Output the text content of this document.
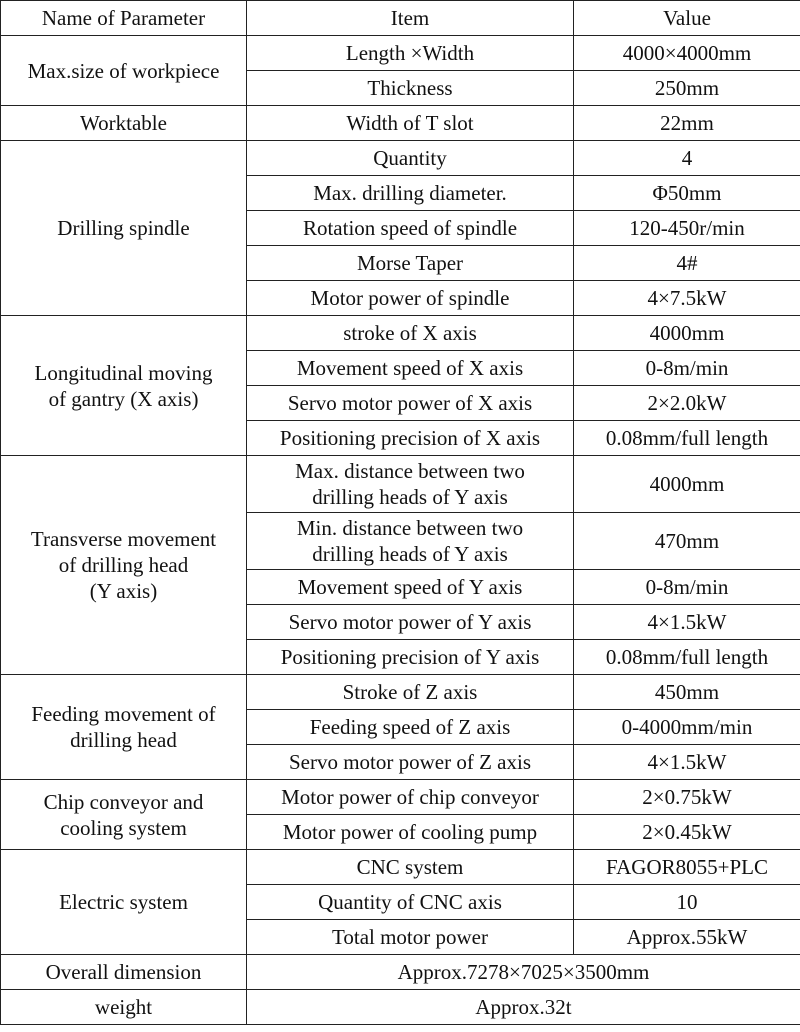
Name of Parameter	Item	Value

Max.size of workpiece	Length ×Width	4000×4000mm

	Thickness	250mm

Worktable	Width of T slot	22mm

Drilling spindle	Quantity	4

	Max. drilling diameter.	Φ50mm

	Rotation speed of spindle	120-450r/min

	Morse Taper	4#

	Motor power of spindle	4×7.5kW

Longitudinal moving
of gantry (X axis)	stroke of X axis	4000mm

	Movement speed of X axis	0-8m/min

	Servo motor power of X axis	2×2.0kW

	Positioning precision of X axis	0.08mm/full length

Transverse movement
of drilling head
(Y axis)	Max. distance between two
drilling heads of Y axis	4000mm

	Min. distance between two
drilling heads of Y axis	470mm

	Movement speed of Y axis	0-8m/min

	Servo motor power of Y axis	4×1.5kW

	Positioning precision of Y axis	0.08mm/full length

Feeding movement of
drilling head	Stroke of Z axis	450mm

	Feeding speed of Z axis	0-4000mm/min

	Servo motor power of Z axis	4×1.5kW

Chip conveyor and
cooling system	Motor power of chip conveyor	2×0.75kW

	Motor power of cooling pump	2×0.45kW

Electric system	CNC system	FAGOR8055+PLC

	Quantity of CNC axis	10

	Total motor power	Approx.55kW
Overall dimension	Approx.7278×7025×3500mm	
weight	Approx.32t	
